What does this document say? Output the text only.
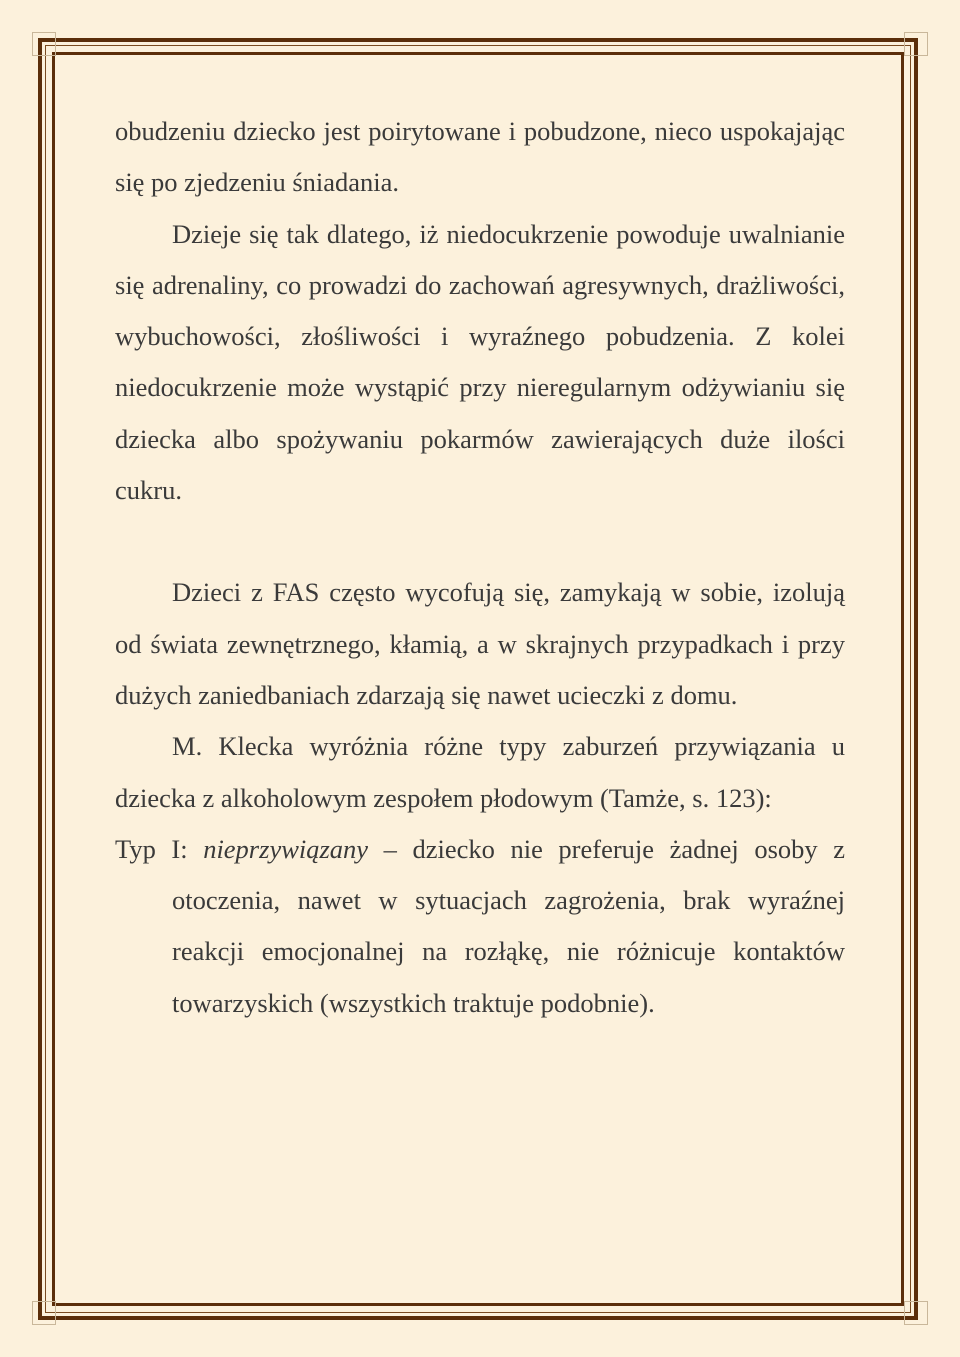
obudzeniu dziecko jest poirytowane i pobudzone, nieco uspokajając się po zjedzeniu śniadania.

Dzieje się tak dlatego, iż niedocukrzenie powoduje uwalnianie się adrenaliny, co prowadzi do zachowań agresywnych, drażliwości, wybuchowości, złośliwości i wyraźnego pobudzenia. Z kolei niedocukrzenie może wystąpić przy nieregularnym odżywianiu się dziecka albo spożywaniu pokarmów zawierających duże ilości cukru.

Dzieci z FAS często wycofują się, zamykają w sobie, izolują od świata zewnętrznego, kłamią, a w skrajnych przypadkach i przy dużych zaniedbaniach zdarzają się nawet ucieczki z domu.

M. Klecka wyróżnia różne typy zaburzeń przywiązania u dziecka z alkoholowym zespołem płodowym (Tamże, s. 123):

Typ I: nieprzywiązany – dziecko nie preferuje żadnej osoby z otoczenia, nawet w sytuacjach zagrożenia, brak wyraźnej reakcji emocjonalnej na rozłąkę, nie różnicuje kontaktów towarzyskich (wszystkich traktuje podobnie).
